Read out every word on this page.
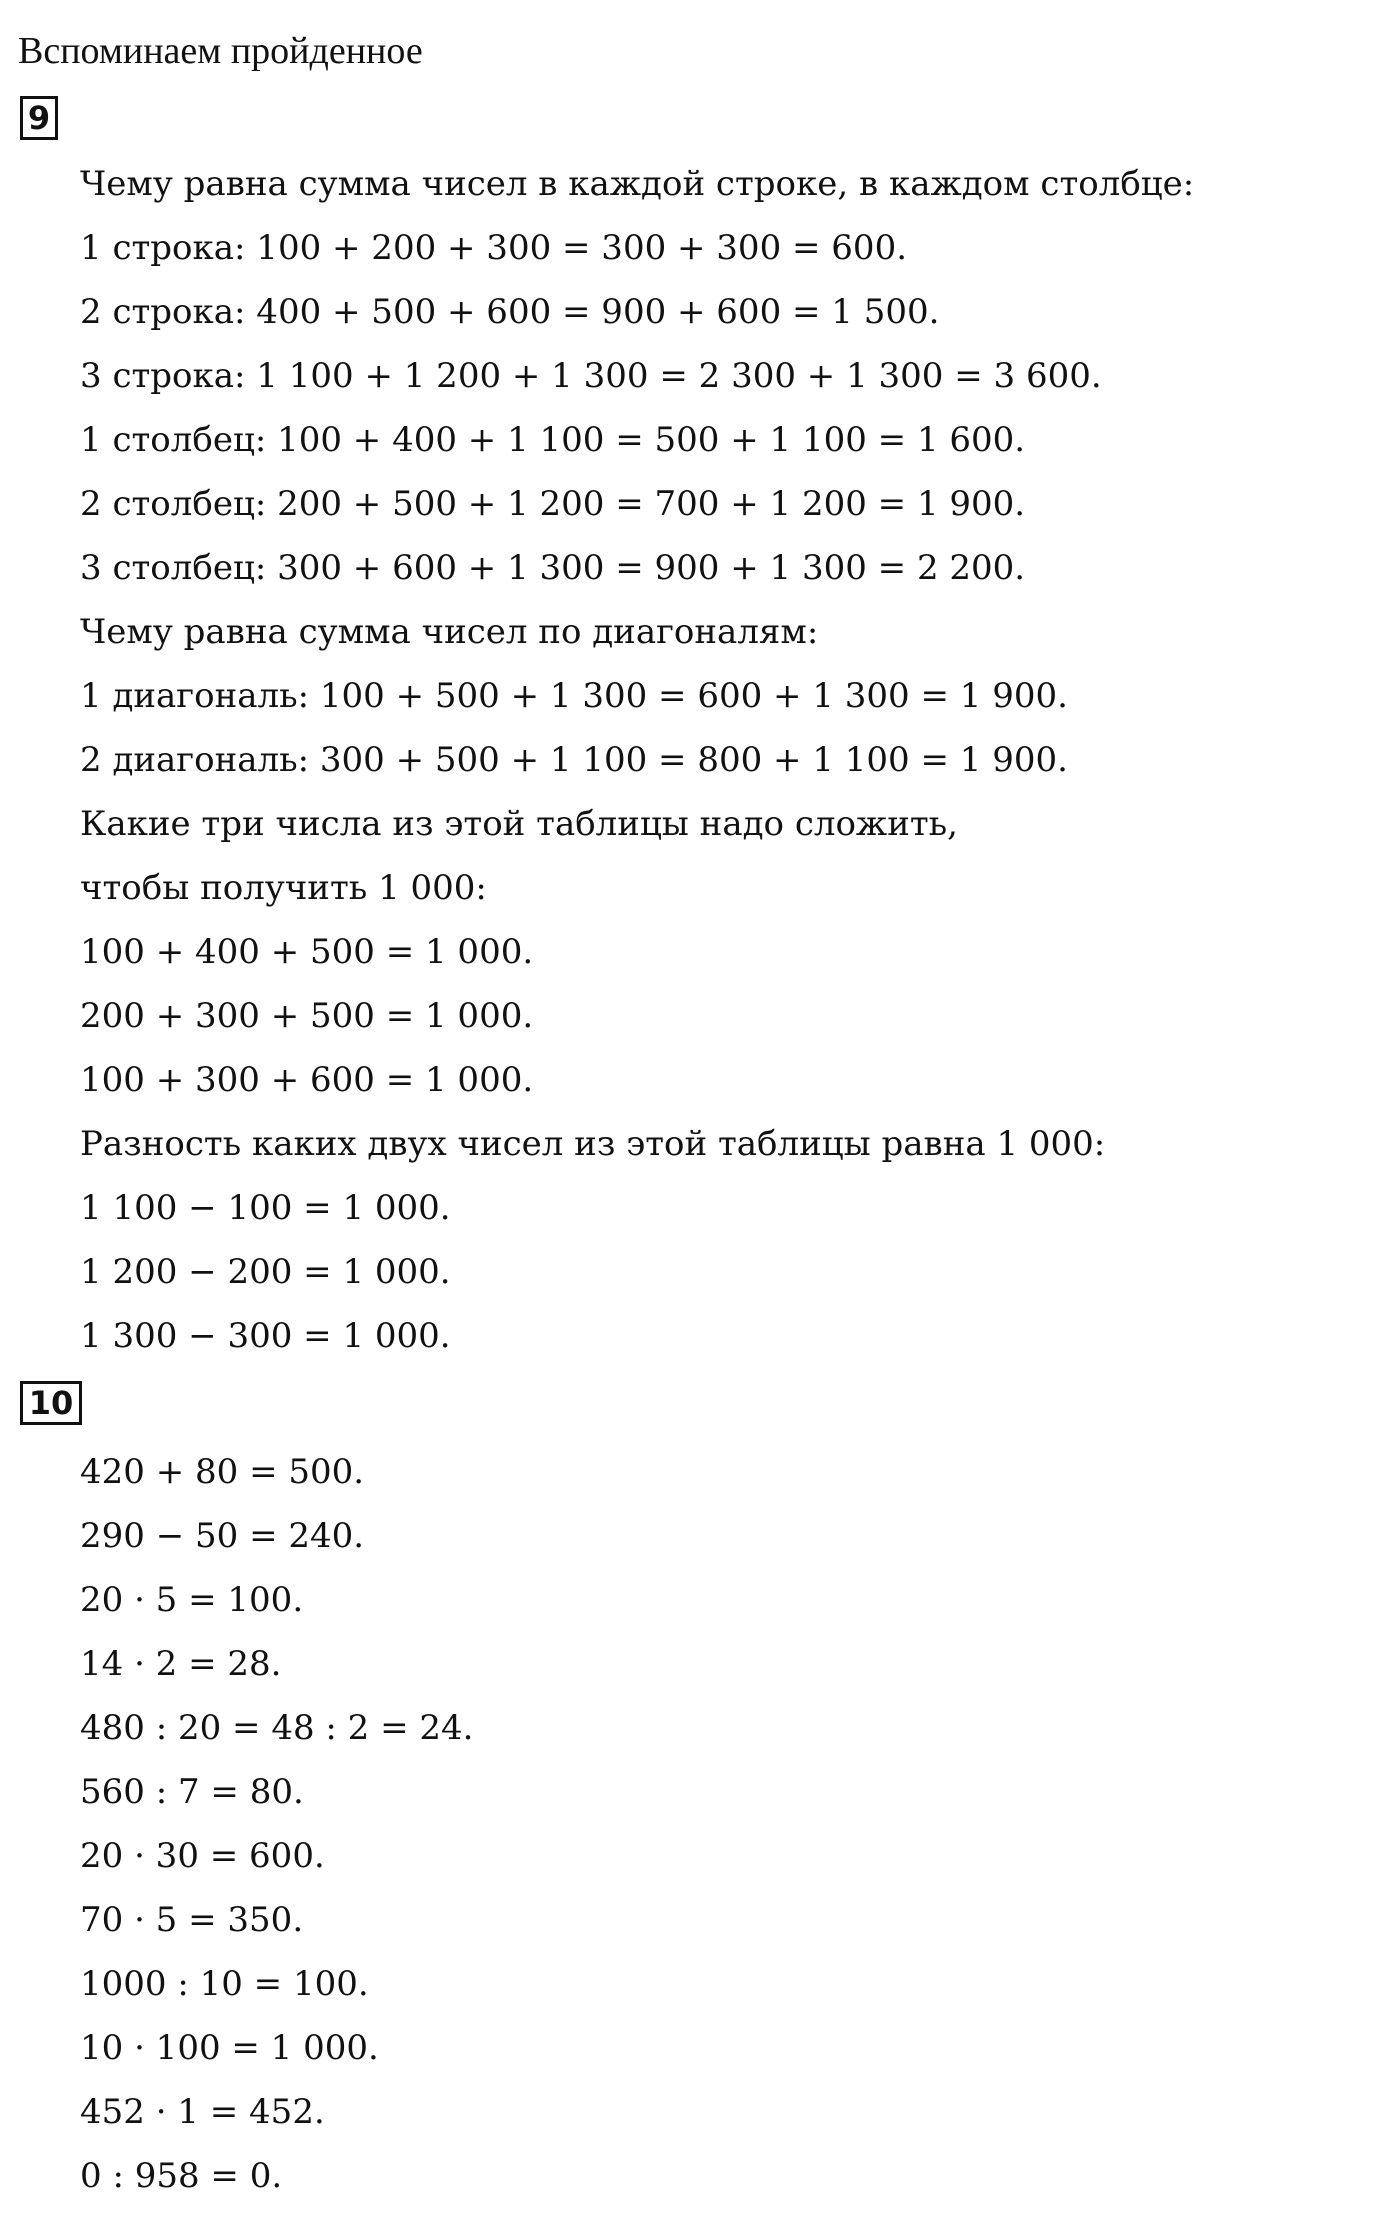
Вспоминаем пройденное
9
Чему равна сумма чисел в каждой строке, в каждом столбце:
1 строка: 100 + 200 + 300 = 300 + 300 = 600.
2 строка: 400 + 500 + 600 = 900 + 600 = 1 500.
3 строка: 1 100 + 1 200 + 1 300 = 2 300 + 1 300 = 3 600.
1 столбец: 100 + 400 + 1 100 = 500 + 1 100 = 1 600.
2 столбец: 200 + 500 + 1 200 = 700 + 1 200 = 1 900.
3 столбец: 300 + 600 + 1 300 = 900 + 1 300 = 2 200.
Чему равна сумма чисел по диагоналям:
1 диагональ: 100 + 500 + 1 300 = 600 + 1 300 = 1 900.
2 диагональ: 300 + 500 + 1 100 = 800 + 1 100 = 1 900.
Какие три числа из этой таблицы надо сложить,
чтобы получить 1 000:
100 + 400 + 500 = 1 000.
200 + 300 + 500 = 1 000.
100 + 300 + 600 = 1 000.
Разность каких двух чисел из этой таблицы равна 1 000:
1 100 − 100 = 1 000.
1 200 − 200 = 1 000.
1 300 − 300 = 1 000.
10
420 + 80 = 500.
290 − 50 = 240.
20 · 5 = 100.
14 · 2 = 28.
480 : 20 = 48 : 2 = 24.
560 : 7 = 80.
20 · 30 = 600.
70 · 5 = 350.
1000 : 10 = 100.
10 · 100 = 1 000.
452 · 1 = 452.
0 : 958 = 0.
